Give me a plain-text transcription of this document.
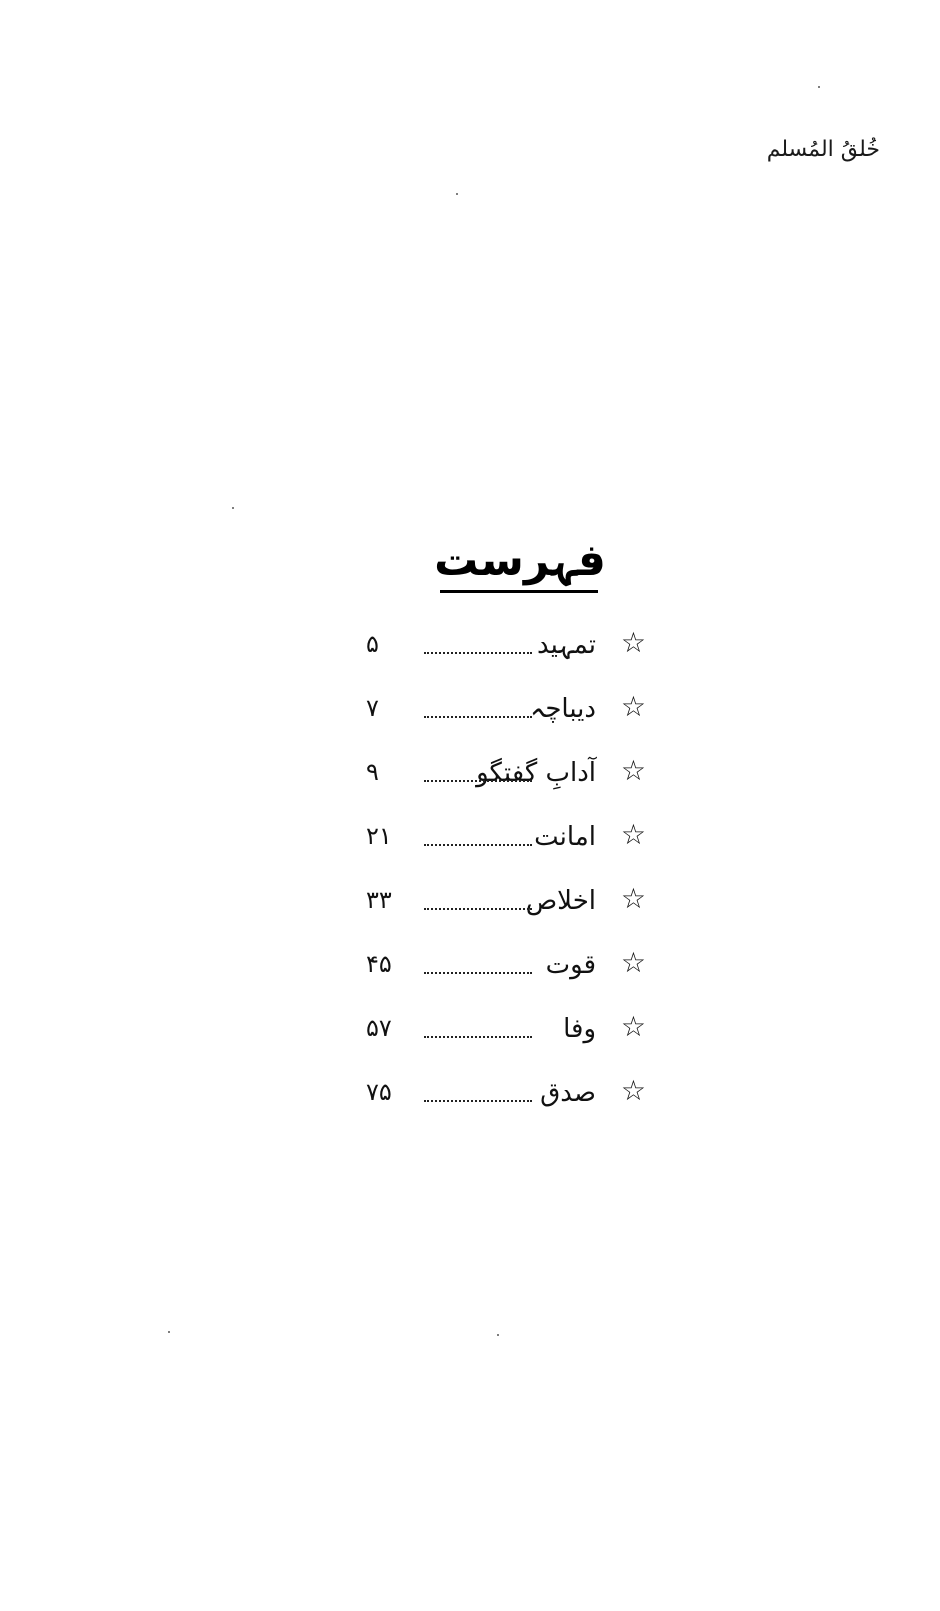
خُلقُ المُسلم
فہرست
☆
تمہید
۵
☆
دیباچہ
۷
☆
آدابِ گفتگو
۹
☆
امانت
۲۱
☆
اخلاص
۳۳
☆
قوت
۴۵
☆
وفا
۵۷
☆
صدق
۷۵
